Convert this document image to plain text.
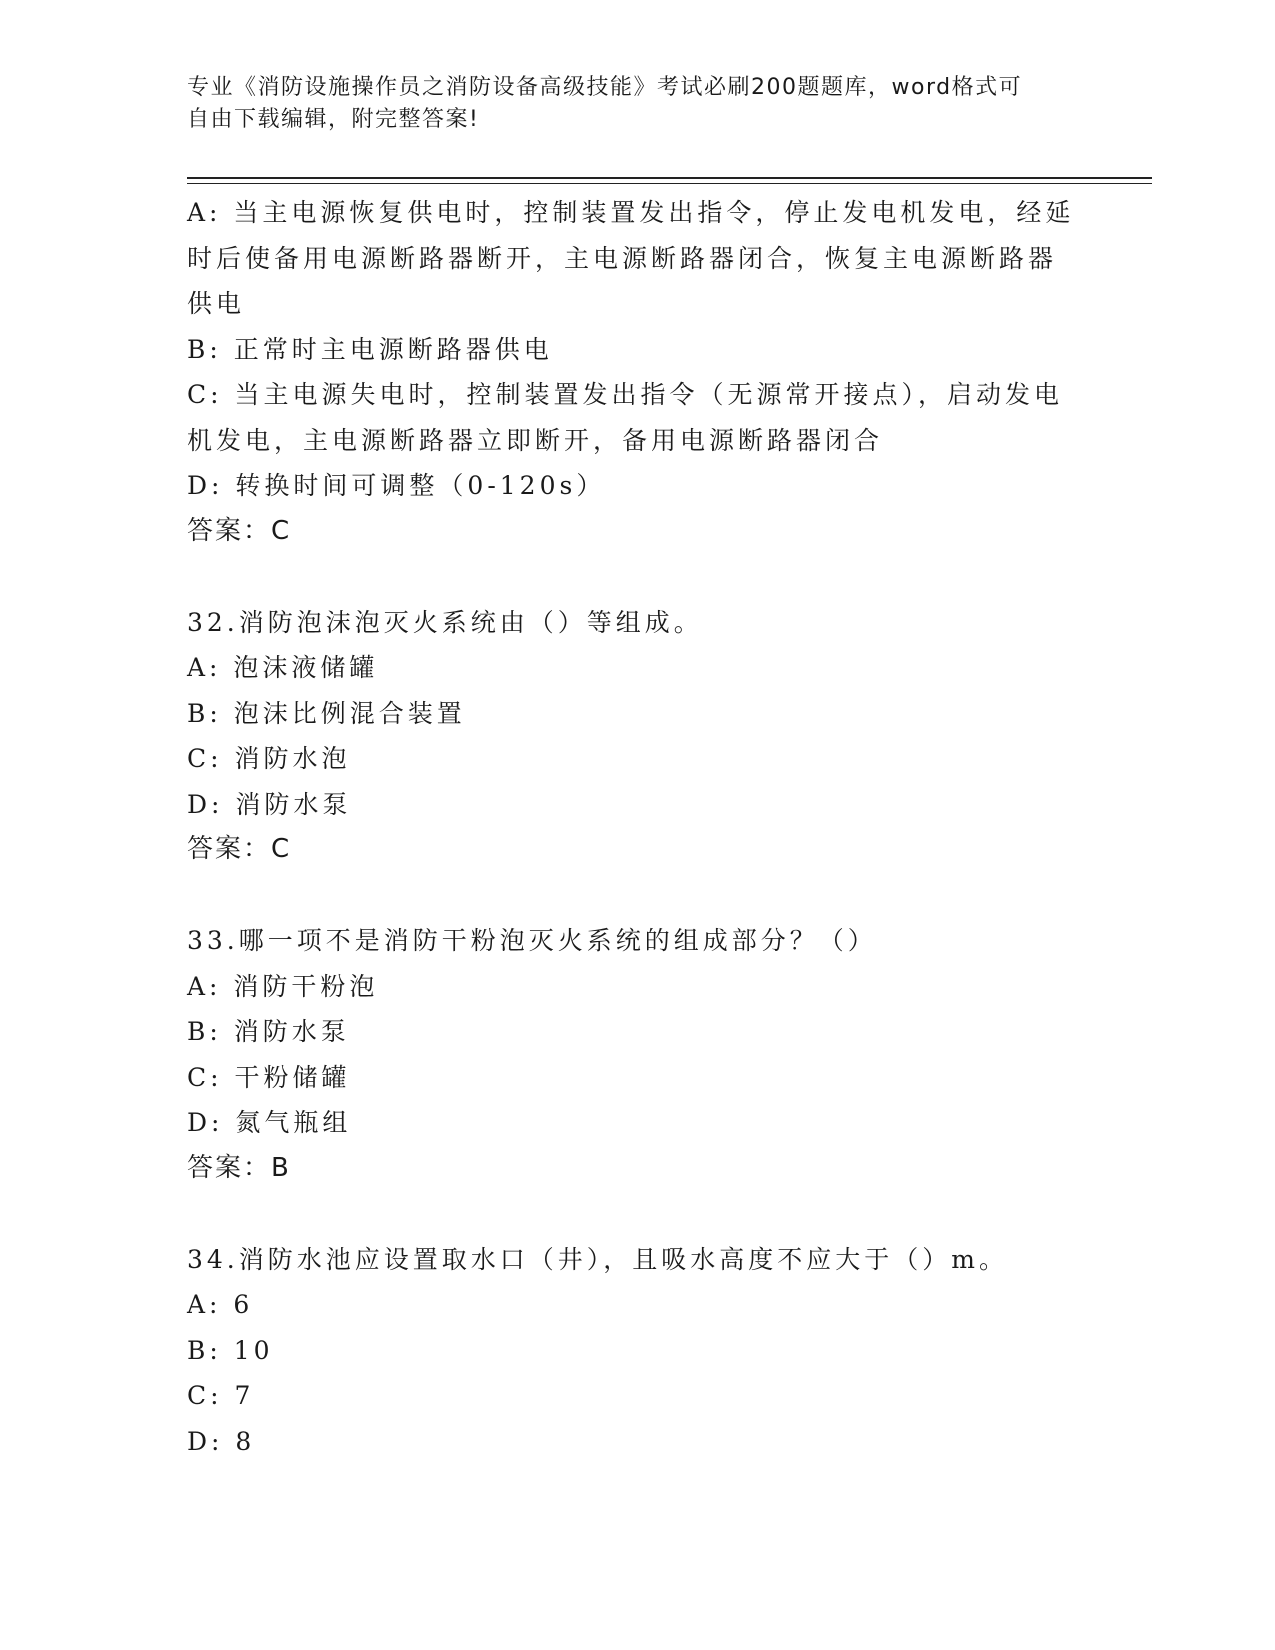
专业《消防设施操作员之消防设备高级技能》考试必刷200题题库，word格式可
自由下载编辑，附完整答案!
A: 当主电源恢复供电时，控制装置发出指令，停止发电机发电，经延
时后使备用电源断路器断开，主电源断路器闭合，恢复主电源断路器
供电
B: 正常时主电源断路器供电
C: 当主电源失电时，控制装置发出指令（无源常开接点），启动发电
机发电，主电源断路器立即断开，备用电源断路器闭合
D: 转换时间可调整（0-120s）
答案：C
32.消防泡沫泡灭火系统由（）等组成。
A: 泡沫液储罐
B: 泡沫比例混合装置
C: 消防水泡
D: 消防水泵
答案：C
33.哪一项不是消防干粉泡灭火系统的组成部分？（）
A: 消防干粉泡
B: 消防水泵
C: 干粉储罐
D: 氮气瓶组
答案：B
34.消防水池应设置取水口（井），且吸水高度不应大于（）m。
A: 6
B: 10
C: 7
D: 8
